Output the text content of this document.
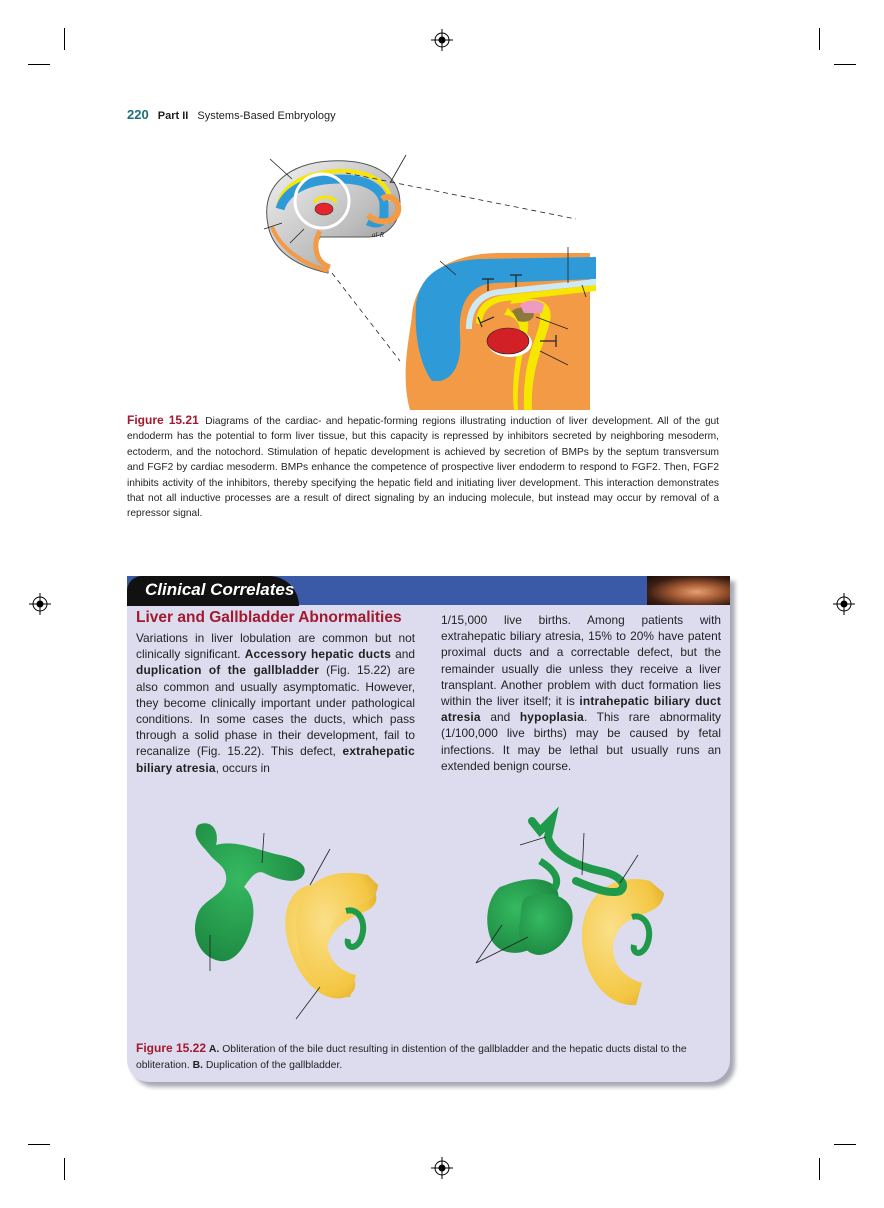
220 Part II Systems-Based Embryology
al-R
Figure 15.21 Diagrams of the cardiac- and hepatic-forming regions illustrating induction of liver development. All of the gut endoderm has the potential to form liver tissue, but this capacity is repressed by inhibitors secreted by neighboring mesoderm, ectoderm, and the notochord. Stimulation of hepatic development is achieved by secretion of BMPs by the septum transversum and FGF2 by cardiac mesoderm. BMPs enhance the competence of prospective liver endoderm to respond to FGF2. Then, FGF2 inhibits activity of the inhibitors, thereby specifying the hepatic field and initiating liver development. This interaction demonstrates that not all inductive processes are a result of direct signaling by an inducing molecule, but instead may occur by removal of a repressor signal.
Clinical Correlates
Liver and Gallbladder Abnormalities
Variations in liver lobulation are common but not clinically significant. Accessory hepatic ducts and duplication of the gallbladder (Fig. 15.22) are also common and usually asymptomatic. However, they become clinically important under pathological conditions. In some cases the ducts, which pass through a solid phase in their development, fail to recanalize (Fig. 15.22). This defect, extrahepatic biliary atresia, occurs in
1/15,000 live births. Among patients with extrahepatic biliary atresia, 15% to 20% have patent proximal ducts and a correctable defect, but the remainder usually die unless they receive a liver transplant. Another problem with duct formation lies within the liver itself; it is intrahepatic biliary duct atresia and hypoplasia. This rare abnormality (1/100,000 live births) may be caused by fetal infections. It may be lethal but usually runs an extended benign course.
Figure 15.22 A. Obliteration of the bile duct resulting in distention of the gallbladder and the hepatic ducts distal to the obliteration. B. Duplication of the gallbladder.
